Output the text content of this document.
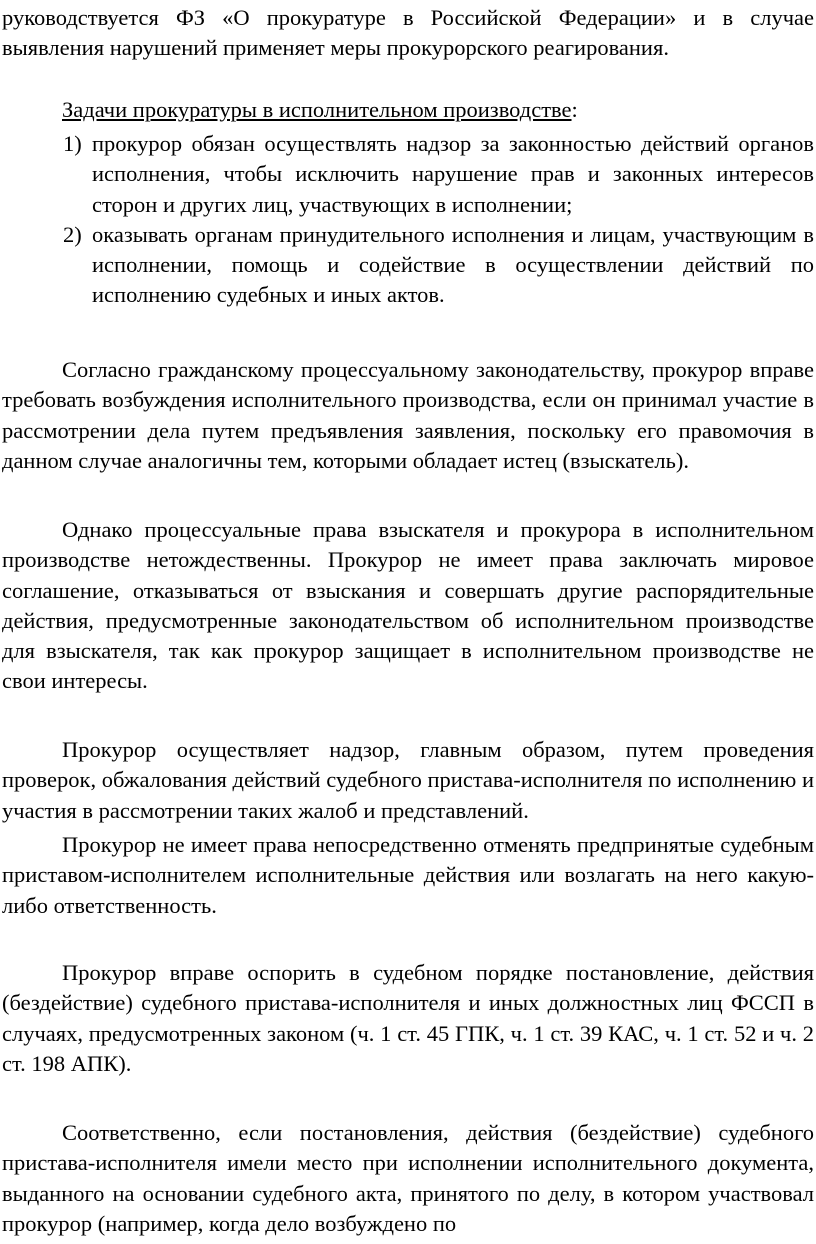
руководствуется ФЗ «О прокуратуре в Российской Федерации» и в случае выявления нарушений применяет меры прокурорского реагирования.

Задачи прокуратуры в исполнительном производстве:
1) прокурор обязан осуществлять надзор за законностью действий органов исполнения, чтобы исключить нарушение прав и законных интересов сторон и других лиц, участвующих в исполнении;
2) оказывать органам принудительного исполнения и лицам, участвующим в исполнении, помощь и содействие в осуществлении действий по исполнению судебных и иных актов.

Согласно гражданскому процессуальному законодательству, прокурор вправе требовать возбуждения исполнительного производства, если он принимал участие в рассмотрении дела путем предъявления заявления, поскольку его правомочия в данном случае аналогичны тем, которыми обладает истец (взыскатель).

Однако процессуальные права взыскателя и прокурора в исполнительном производстве нетождественны. Прокурор не имеет права заключать мировое соглашение, отказываться от взыскания и совершать другие распорядительные действия, предусмотренные законодательством об исполнительном производстве для взыскателя, так как прокурор защищает в исполнительном производстве не свои интересы.

Прокурор осуществляет надзор, главным образом, путем проведения проверок, обжалования действий судебного пристава-исполнителя по исполнению и участия в рассмотрении таких жалоб и представлений.

Прокурор не имеет права непосредственно отменять предпринятые судебным приставом-исполнителем исполнительные действия или возлагать на него какую-либо ответственность.

Прокурор вправе оспорить в судебном порядке постановление, действия (бездействие) судебного пристава-исполнителя и иных должностных лиц ФССП в случаях, предусмотренных законом (ч. 1 ст. 45 ГПК, ч. 1 ст. 39 КАС, ч. 1 ст. 52 и ч. 2 ст. 198 АПК).

Соответственно, если постановления, действия (бездействие) судебного пристава-исполнителя имели место при исполнении исполнительного документа, выданного на основании судебного акта, принятого по делу, в котором участвовал прокурор (например, когда дело возбуждено по
